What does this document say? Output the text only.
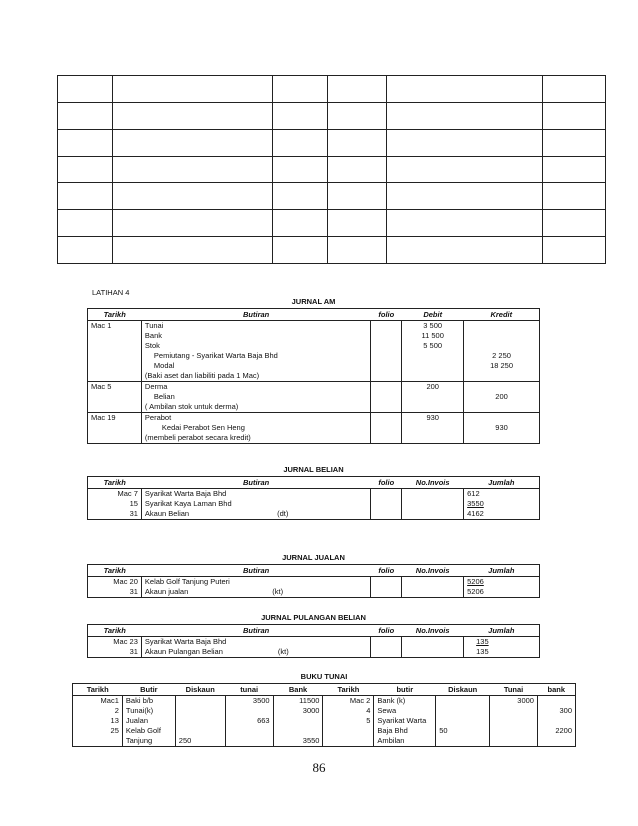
LATIHAN 4
JURNAL AM
Tarikh	Butiran	folio	Debit	Kredit
Mac 1	Tunai		3 500	
	Bank		11 500	
	Stok		5 500	
	Pemiutang - Syarikat Warta Baja Bhd			2 250
	Modal			18 250
	(Baki aset dan liabiliti pada 1 Mac)			
Mac 5	Derma		200	
	Belian			200
	( Ambilan stok untuk derma)			
Mac 19	Perabot		930	
	Kedai Perabot Sen Heng			930
	(membeli perabot secara kredit)			
JURNAL BELIAN
Tarikh	Butiran	folio	No.Invois	Jumlah
Mac 7	Syarikat Warta Baja Bhd			612
15	Syarikat Kaya Laman Bhd			3550
31	Akaun Belian (dt)			4162
JURNAL JUALAN
Tarikh	Butiran	folio	No.Invois	Jumlah
Mac 20	Kelab Golf Tanjung Puteri			5206
31	Akaun jualan (kt)			5206
JURNAL PULANGAN BELIAN
Tarikh	Butiran	folio	No.Invois	Jumlah
Mac 23	Syarikat Warta Baja Bhd			135
31	Akaun Pulangan Belian (kt)			135
BUKU TUNAI
Tarikh	Butir	Diskaun	tunai	Bank	Tarikh	butir	Diskaun	Tunai	bank
Mac1	Baki b/b		3500	11500	Mac 2	Bank (k)		3000	
2	Tunai(k)			3000	4	Sewa			300
13	Jualan		663		5	Syarikat Warta			
25	Kelab Golf					Baja Bhd	50		2200
	Tanjung	250		3550		Ambilan			
86
